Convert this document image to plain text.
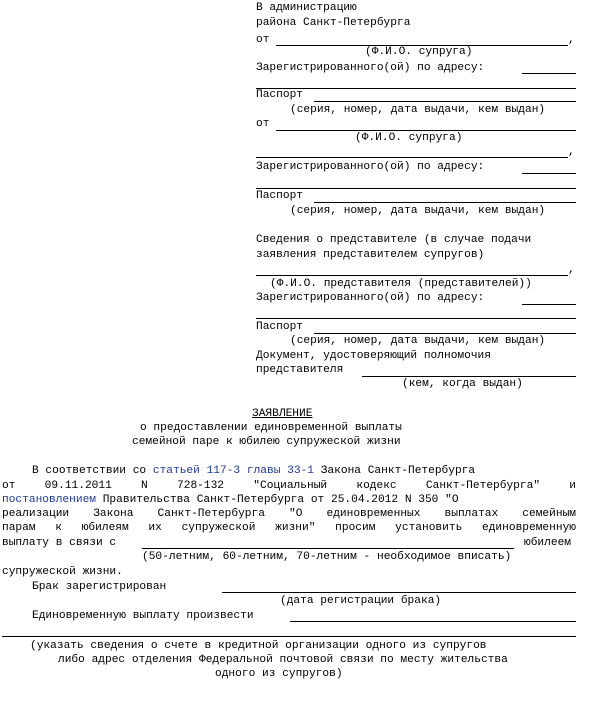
В администрацию
района Санкт-Петербурга
от	,
(Ф.И.О. супруга)
Зарегистрированного(ой) по адресу:
Паспорт
(серия, номер, дата выдачи, кем выдан)
от
(Ф.И.О. супруга)
,
Зарегистрированного(ой) по адресу:
Паспорт
(серия, номер, дата выдачи, кем выдан)
Сведения о представителе (в случае подачи
заявления представителем супругов)
,
(Ф.И.О. представителя (представителей))
Зарегистрированного(ой) по адресу:
Паспорт
(серия, номер, дата выдачи, кем выдан)
Документ, удостоверяющий полномочия
представителя
(кем, когда выдан)
ЗАЯВЛЕНИЕ
о предоставлении единовременной выплаты
семейной паре к юбилею супружеской жизни
В соответствии со статьей 117-3 главы 33-1 Закона Санкт-Петербурга
от 09.11.2011 N 728-132 "Социальный кодекс Санкт-Петербурга" и
постановлением Правительства Санкт-Петербурга от 25.04.2012 N 350 "О
реализации Закона Санкт-Петербурга "О единовременных выплатах семейным
парам к юбилеям их супружеской жизни" просим установить единовременную
выплату в связи с	юбилеем
(50-летним, 60-летним, 70-летним - необходимое вписать)
супружеской жизни.
Брак зарегистрирован
(дата регистрации брака)
Единовременную выплату произвести
(указать сведения о счете в кредитной организации одного из супругов
либо адрес отделения Федеральной почтовой связи по месту жительства
одного из супругов)
